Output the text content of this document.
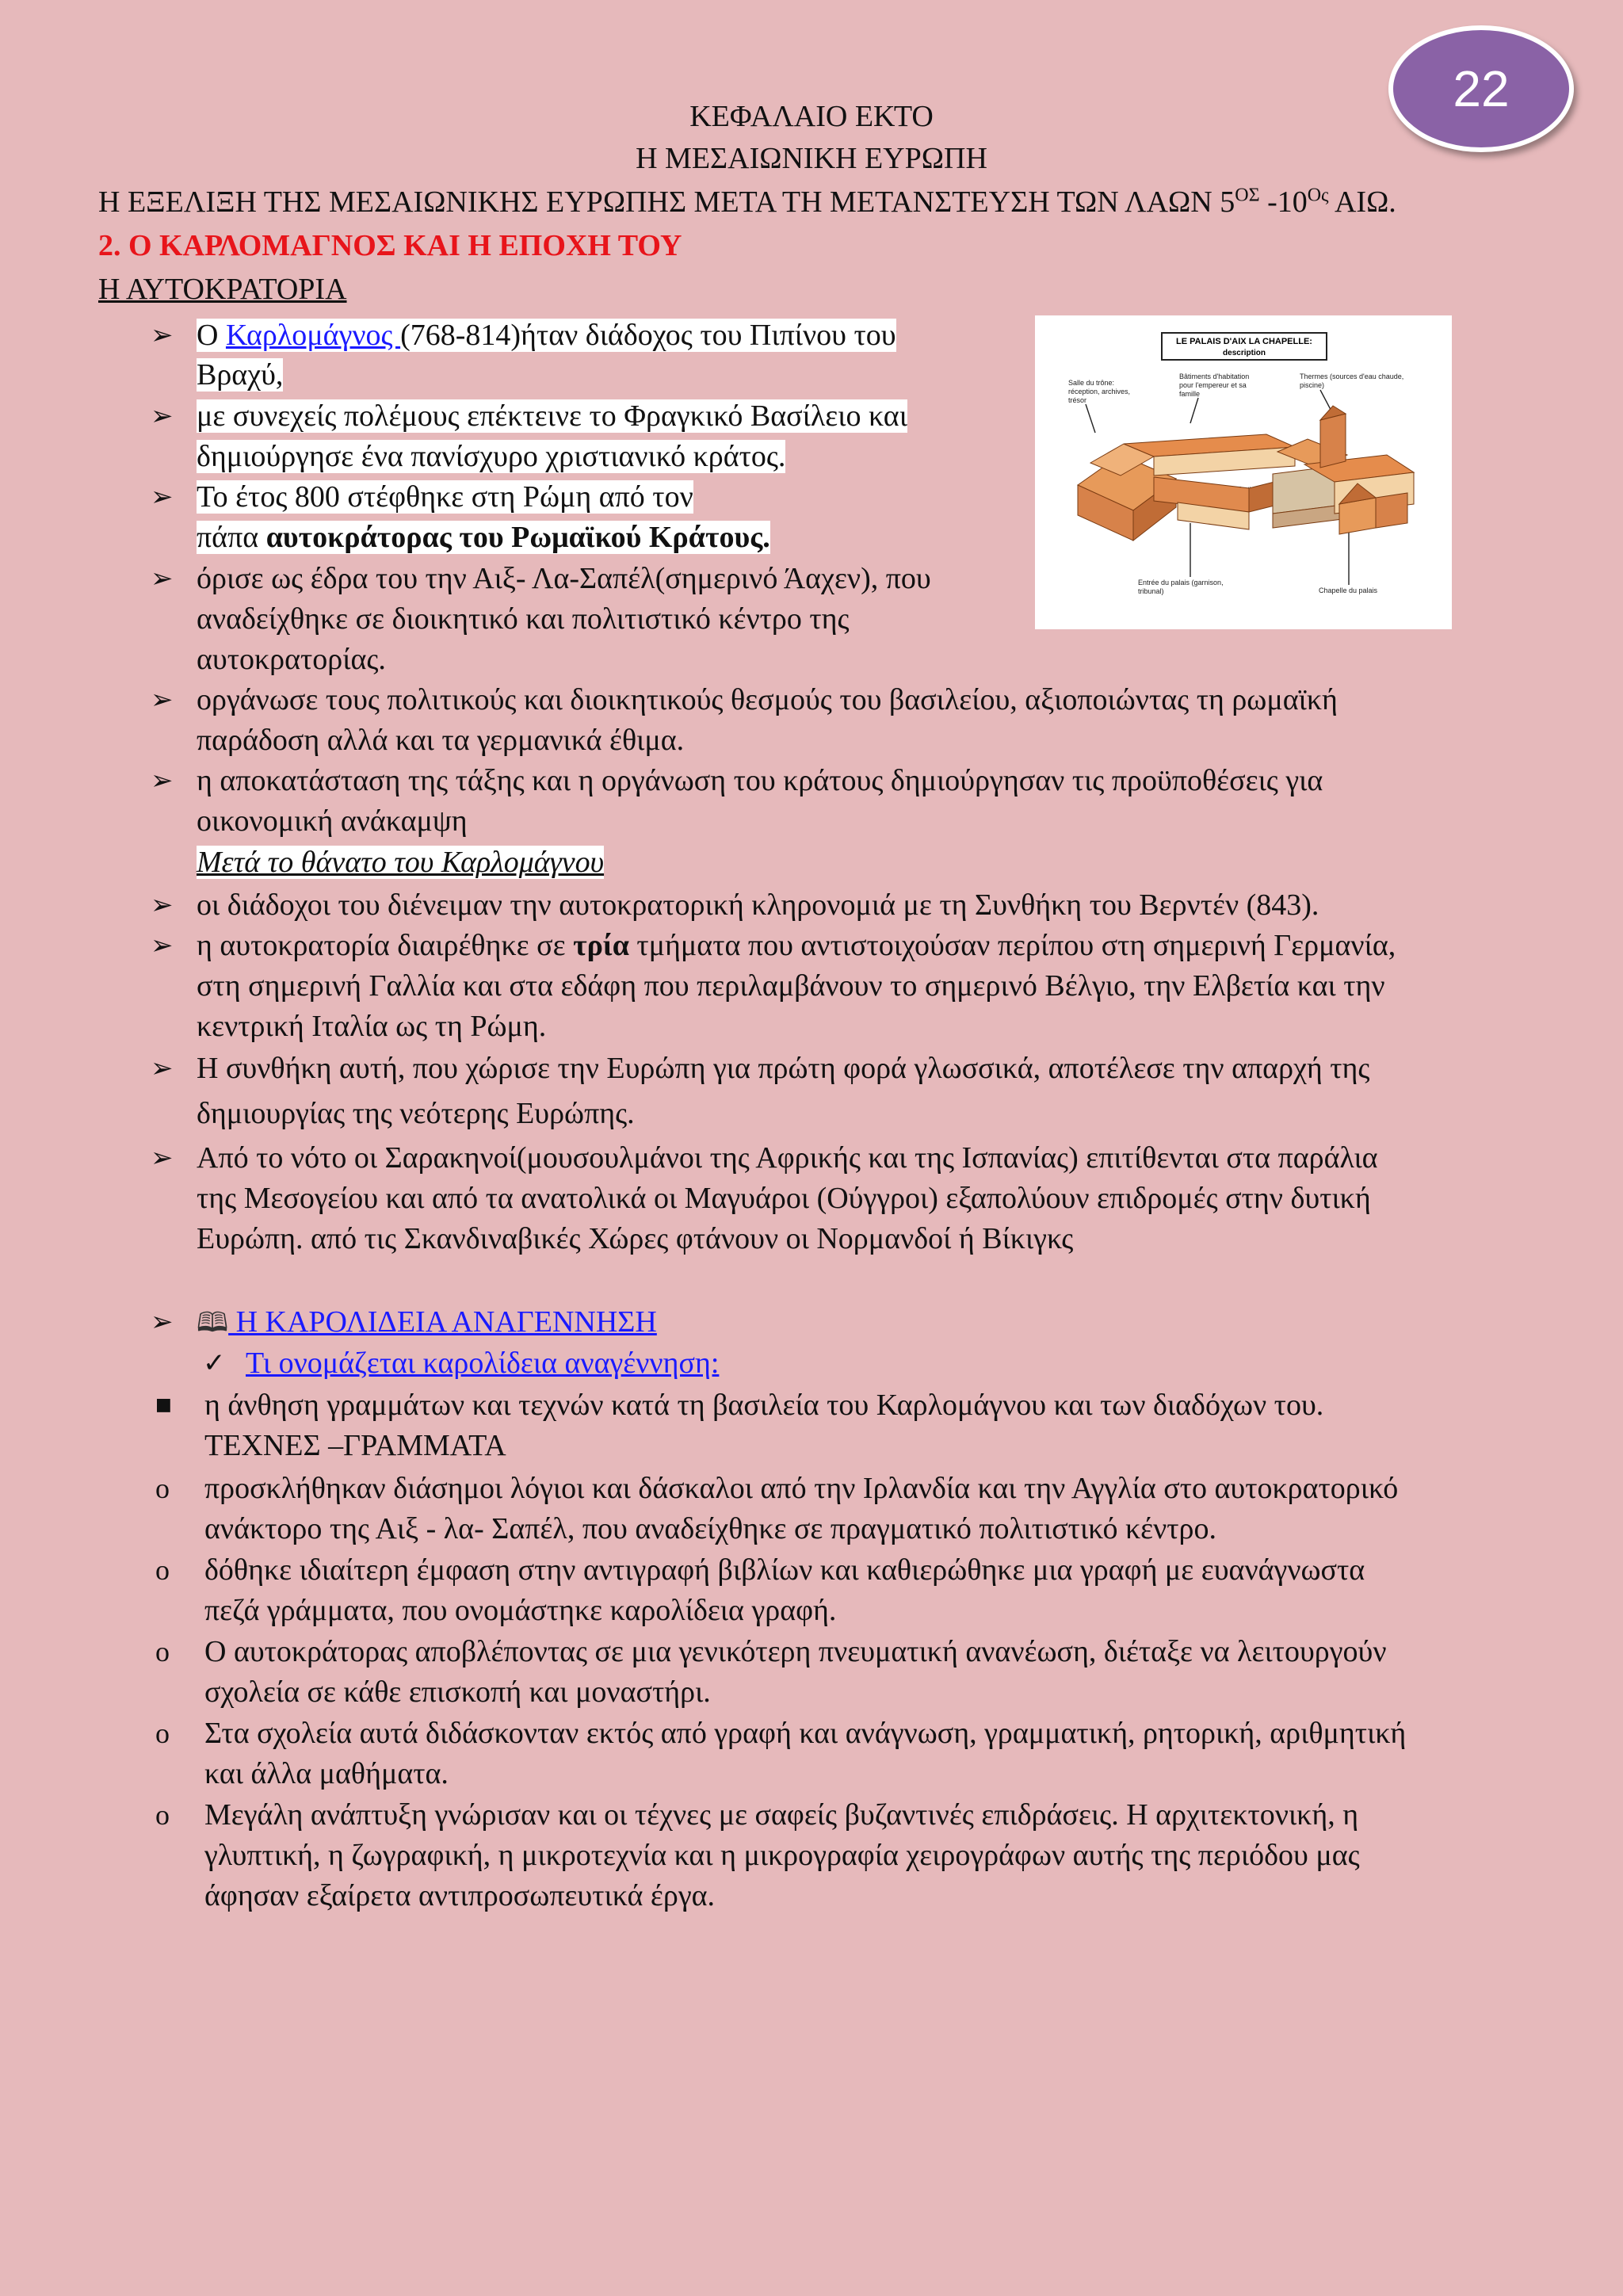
22
ΚΕΦΑΛΑΙΟ ΕΚΤΟ
Η ΜΕΣΑΙΩΝΙΚΗ ΕΥΡΩΠΗ
Η ΕΞΕΛΙΞΗ ΤΗΣ ΜΕΣΑΙΩΝΙΚΗΣ ΕΥΡΩΠΗΣ ΜΕΤΑ ΤΗ ΜΕΤΑΝΣΤΕΥΣΗ ΤΩΝ ΛΑΩΝ $5^{O\Sigma}$ $-10^{O\varsigma}$ ΑΙΩ.
2. Ο ΚΑΡΛΟΜΑΓΝΟΣ ΚΑΙ Η ΕΠΟΧΗ ΤΟΥ
Η ΑΥΤΟΚΡΑΤΟΡΙΑ
LE PALAIS D'AIX LA CHAPELLE:
description
Salle du trône:
réception, archives,
trésor
Bâtiments d'habitation
pour l'empereur et sa
famille
Thermes (sources d'eau chaude,
piscine)
Entrée du palais (garnison,
tribunal)	Chapelle du palais
➢ Ο Καρλομάγνος (768-814)ήταν διάδοχος του Πιπίνου του
Βραχύ,
➢ με συνεχείς πολέμους επέκτεινε το Φραγκικό Βασίλειο και
δημιούργησε ένα πανίσχυρο χριστιανικό κράτος.
➢ Το έτος 800 στέφθηκε στη Ρώμη από τον
πάπα αυτοκράτορας του Ρωμαϊκού Κράτους.
➢ όρισε ως έδρα του την Αιξ- Λα-Σαπέλ(σημερινό Άαχεν), που
αναδείχθηκε σε διοικητικό και πολιτιστικό κέντρο της
αυτοκρατορίας.
➢ οργάνωσε τους πολιτικούς και διοικητικούς θεσμούς του βασιλείου, αξιοποιώντας τη ρωμαϊκή
παράδοση αλλά και τα γερμανικά έθιμα.
➢ η αποκατάσταση της τάξης και η οργάνωση του κράτους δημιούργησαν τις προϋποθέσεις για
οικονομική ανάκαμψη
Μετά το θάνατο του Καρλομάγνου
➢ οι διάδοχοι του διένειμαν την αυτοκρατορική κληρονομιά με τη Συνθήκη του Βερντέν (843).
➢ η αυτοκρατορία διαιρέθηκε σε τρία τμήματα που αντιστοιχούσαν περίπου στη σημερινή Γερμανία,
στη σημερινή Γαλλία και στα εδάφη που περιλαμβάνουν το σημερινό Βέλγιο, την Ελβετία και την
κεντρική Ιταλία ως τη Ρώμη.
➢ Η συνθήκη αυτή, που χώρισε την Ευρώπη για πρώτη φορά γλωσσικά, αποτέλεσε την απαρχή της
δημιουργίας της νεότερης Ευρώπης.
➢ Από το νότο οι Σαρακηνοί(μουσουλμάνοι της Αφρικής και της Ισπανίας) επιτίθενται στα παράλια
της Μεσογείου και από τα ανατολικά οι Μαγυάροι (Ούγγροι) εξαπολύουν επιδρομές στην δυτική
Ευρώπη. από τις Σκανδιναβικές Χώρες φτάνουν οι Νορμανδοί ή Βίκιγκς
➢ 🕮 Η ΚΑΡΟΛΙΔΕΙΑ ΑΝΑΓΕΝΝΗΣΗ
✓ Τι ονομάζεται καρολίδεια αναγέννηση:
■ η άνθηση γραμμάτων και τεχνών κατά τη βασιλεία του Καρλομάγνου και των διαδόχων του.
ΤΕΧΝΕΣ –ΓΡΑΜΜΑΤΑ
o προσκλήθηκαν διάσημοι λόγιοι και δάσκαλοι από την Ιρλανδία και την Αγγλία στο αυτοκρατορικό
ανάκτορο της Αιξ - λα- Σαπέλ, που αναδείχθηκε σε πραγματικό πολιτιστικό κέντρο.
o δόθηκε ιδιαίτερη έμφαση στην αντιγραφή βιβλίων και καθιερώθηκε μια γραφή με ευανάγνωστα
πεζά γράμματα, που ονομάστηκε καρολίδεια γραφή.
o Ο αυτοκράτορας αποβλέποντας σε μια γενικότερη πνευματική ανανέωση, διέταξε να λειτουργούν
σχολεία σε κάθε επισκοπή και μοναστήρι.
o Στα σχολεία αυτά διδάσκονταν εκτός από γραφή και ανάγνωση, γραμματική, ρητορική, αριθμητική
και άλλα μαθήματα.
o Μεγάλη ανάπτυξη γνώρισαν και οι τέχνες με σαφείς βυζαντινές επιδράσεις. Η αρχιτεκτονική, η
γλυπτική, η ζωγραφική, η μικροτεχνία και η μικρογραφία χειρογράφων αυτής της περιόδου μας
άφησαν εξαίρετα αντιπροσωπευτικά έργα.
